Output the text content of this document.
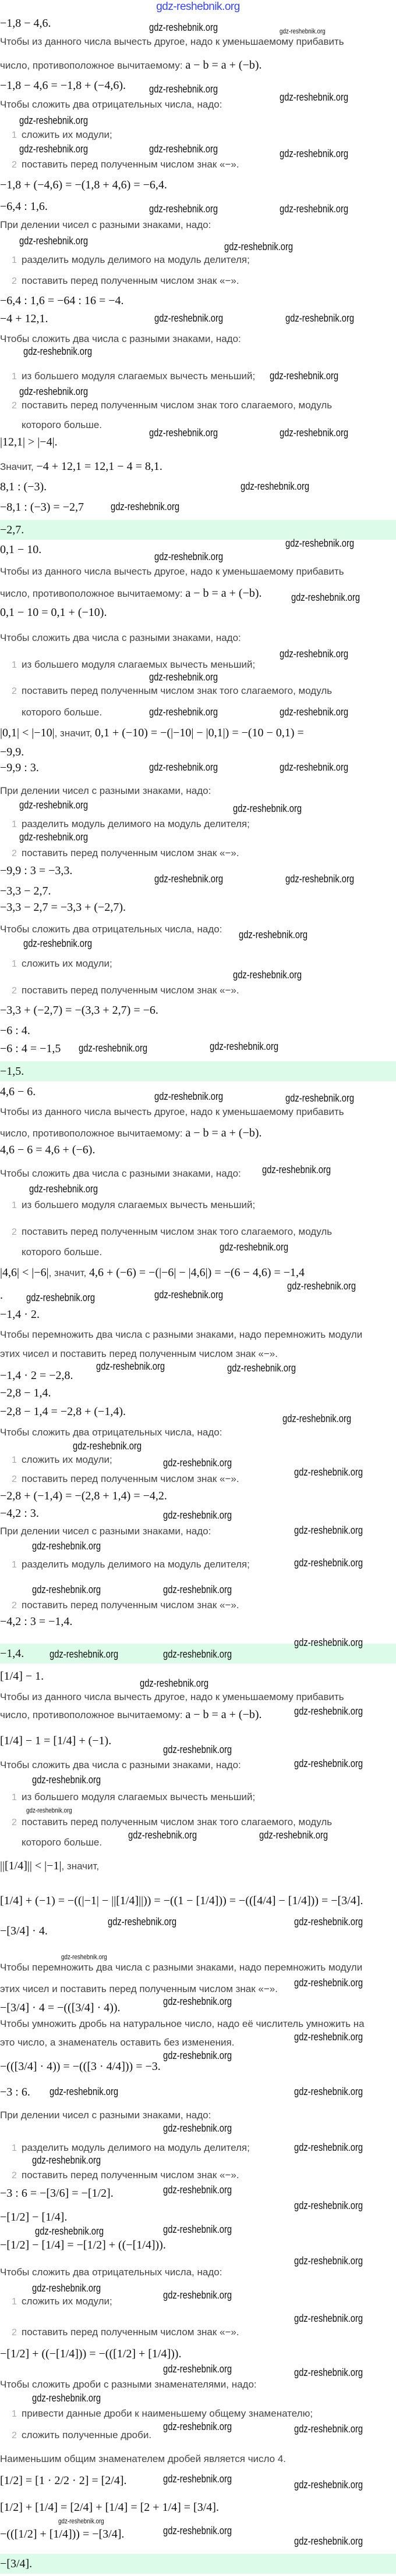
gdz-reshebnik.org
−1,8 − 4,6.
Чтобы из данного числа вычесть другое, надо к уменьшаемому прибавить
число, противоположное вычитаемому: a − b = a + (−b).
−1,8 − 4,6 = −1,8 + (−4,6).
Чтобы сложить два отрицательных числа, надо:
1 сложить их модули;
2 поставить перед полученным числом знак «−».
−1,8 + (−4,6) = −(1,8 + 4,6) = −6,4.
−6,4 : 1,6.
При делении чисел с разными знаками, надо:
1 разделить модуль делимого на модуль делителя;
2 поставить перед полученным числом знак «−».
−6,4 : 1,6 = −64 : 16 = −4.
−4 + 12,1.
Чтобы сложить два числа с разными знаками, надо:
1 из большего модуля слагаемых вычесть меньший;
2 поставить перед полученным числом знак того слагаемого, модуль
которого больше.
|12,1| > |−4|.
Значит, −4 + 12,1 = 12,1 − 4 = 8,1.
8,1 : (−3).
−8,1 : (−3) = −2,7
−2,7.
0,1 − 10.
Чтобы из данного числа вычесть другое, надо к уменьшаемому прибавить
число, противоположное вычитаемому: a − b = a + (−b).
0,1 − 10 = 0,1 + (−10).
Чтобы сложить два числа с разными знаками, надо:
1 из большего модуля слагаемых вычесть меньший;
2 поставить перед полученным числом знак того слагаемого, модуль
которого больше.
|0,1| < |−10|, значит, 0,1 + (−10) = −(|−10| − |0,1|) = −(10 − 0,1) =
−9,9.
−9,9 : 3.
При делении чисел с разными знаками, надо:
1 разделить модуль делимого на модуль делителя;
2 поставить перед полученным числом знак «−».
−9,9 : 3 = −3,3.
−3,3 − 2,7.
−3,3 − 2,7 = −3,3 + (−2,7).
Чтобы сложить два отрицательных числа, надо:
1 сложить их модули;
2 поставить перед полученным числом знак «−».
−3,3 + (−2,7) = −(3,3 + 2,7) = −6.
−6 : 4.
−6 : 4 = −1,5
−1,5.
4,6 − 6.
Чтобы из данного числа вычесть другое, надо к уменьшаемому прибавить
число, противоположное вычитаемому: a − b = a + (−b).
4,6 − 6 = 4,6 + (−6).
Чтобы сложить два числа с разными знаками, надо:
1 из большего модуля слагаемых вычесть меньший;
2 поставить перед полученным числом знак того слагаемого, модуль
которого больше.
|4,6| < |−6|, значит, 4,6 + (−6) = −(|−6| − |4,6|) = −(6 − 4,6) = −1,4
.
−1,4 · 2.
Чтобы перемножить два числа с разными знаками, надо перемножить модули
этих чисел и поставить перед полученным числом знак «−».
−1,4 · 2 = −2,8.
−2,8 − 1,4.
−2,8 − 1,4 = −2,8 + (−1,4).
Чтобы сложить два отрицательных числа, надо:
1 сложить их модули;
2 поставить перед полученным числом знак «−».
−2,8 + (−1,4) = −(2,8 + 1,4) = −4,2.
−4,2 : 3.
При делении чисел с разными знаками, надо:
1 разделить модуль делимого на модуль делителя;
2 поставить перед полученным числом знак «−».
−4,2 : 3 = −1,4.
−1,4.
[1/4] − 1.
Чтобы из данного числа вычесть другое, надо к уменьшаемому прибавить
число, противоположное вычитаемому: a − b = a + (−b).
[1/4] − 1 = [1/4] + (−1).
Чтобы сложить два числа с разными знаками, надо:
1 из большего модуля слагаемых вычесть меньший;
2 поставить перед полученным числом знак того слагаемого, модуль
которого больше.
||[1/4]|| < |−1|, значит,
[1/4] + (−1) = −((|−1| − ||[1/4]||)) = −((1 − [1/4])) = −(([4/4] − [1/4])) = −[3/4].
−[3/4] · 4.
Чтобы перемножить два числа с разными знаками, надо перемножить модули
этих чисел и поставить перед полученным числом знак «−».
−[3/4] · 4 = −(([3/4] · 4)).
Чтобы умножить дробь на натуральное число, надо её числитель умножить на
это число, а знаменатель оставить без изменения.
−(([3/4] · 4)) = −(([3 · 4/4])) = −3.
−3 : 6.
При делении чисел с разными знаками, надо:
1 разделить модуль делимого на модуль делителя;
2 поставить перед полученным числом знак «−».
−3 : 6 = −[3/6] = −[1/2].
−[1/2] − [1/4].
−[1/2] − [1/4] = −[1/2] + ((−[1/4])).
Чтобы сложить два отрицательных числа, надо:
1 сложить их модули;
2 поставить перед полученным числом знак «−».
−[1/2] + ((−[1/4])) = −(([1/2] + [1/4])).
Чтобы сложить дроби с разными знаменателями, надо:
1 привести данные дроби к наименьшему общему знаменателю;
2 сложить полученные дроби.
Наименьшим общим знаменателем дробей является число 4.
[1/2] = [1 · 2/2 · 2] = [2/4].
[1/2] + [1/4] = [2/4] + [1/4] = [2 + 1/4] = [3/4].
−(([1/2] + [1/4])) = −[3/4].
−[3/4].
gdz-reshebnik.org	gdz-reshebnik.org
gdz-reshebnik.org
gdz-reshebnik.org
gdz-reshebnik.org
gdz-reshebnik.org	gdz-reshebnik.org	gdz-reshebnik.org
gdz-reshebnik.org	gdz-reshebnik.org
gdz-reshebnik.org	gdz-reshebnik.org
gdz-reshebnik.org	gdz-reshebnik.org
gdz-reshebnik.org
gdz-reshebnik.org
gdz-reshebnik.org
gdz-reshebnik.org	gdz-reshebnik.org
gdz-reshebnik.org
gdz-reshebnik.org
gdz-reshebnik.org
gdz-reshebnik.org
gdz-reshebnik.org
gdz-reshebnik.org
gdz-reshebnik.org
gdz-reshebnik.org	gdz-reshebnik.org
gdz-reshebnik.org	gdz-reshebnik.org
gdz-reshebnik.org	gdz-reshebnik.org
gdz-reshebnik.org
gdz-reshebnik.org	gdz-reshebnik.org
gdz-reshebnik.org
gdz-reshebnik.org
gdz-reshebnik.org
gdz-reshebnik.org	gdz-reshebnik.org
gdz-reshebnik.org	gdz-reshebnik.org
gdz-reshebnik.org
gdz-reshebnik.org
gdz-reshebnik.org
gdz-reshebnik.org
gdz-reshebnik.org
gdz-reshebnik.org
gdz-reshebnik.org	gdz-reshebnik.org
gdz-reshebnik.org
gdz-reshebnik.org
gdz-reshebnik.org
gdz-reshebnik.org
gdz-reshebnik.org
gdz-reshebnik.org
gdz-reshebnik.org
gdz-reshebnik.org
gdz-reshebnik.org	gdz-reshebnik.org
gdz-reshebnik.org
gdz-reshebnik.org	gdz-reshebnik.org
gdz-reshebnik.org
gdz-reshebnik.org
gdz-reshebnik.org
gdz-reshebnik.org
gdz-reshebnik.org
gdz-reshebnik.org
gdz-reshebnik.org	gdz-reshebnik.org
gdz-reshebnik.org	gdz-reshebnik.org
gdz-reshebnik.org
gdz-reshebnik.org
gdz-reshebnik.org
gdz-reshebnik.org
gdz-reshebnik.org
gdz-reshebnik.org	gdz-reshebnik.org
gdz-reshebnik.org
gdz-reshebnik.org
gdz-reshebnik.org
gdz-reshebnik.org
gdz-reshebnik.org
gdz-reshebnik.org	gdz-reshebnik.org
gdz-reshebnik.org
gdz-reshebnik.org
gdz-reshebnik.org
gdz-reshebnik.org
gdz-reshebnik.org	gdz-reshebnik.org
gdz-reshebnik.org
gdz-reshebnik.org	gdz-reshebnik.org
gdz-reshebnik.org	gdz-reshebnik.org
gdz-reshebnik.org
gdz-reshebnik.org
gdz-reshebnik.org
